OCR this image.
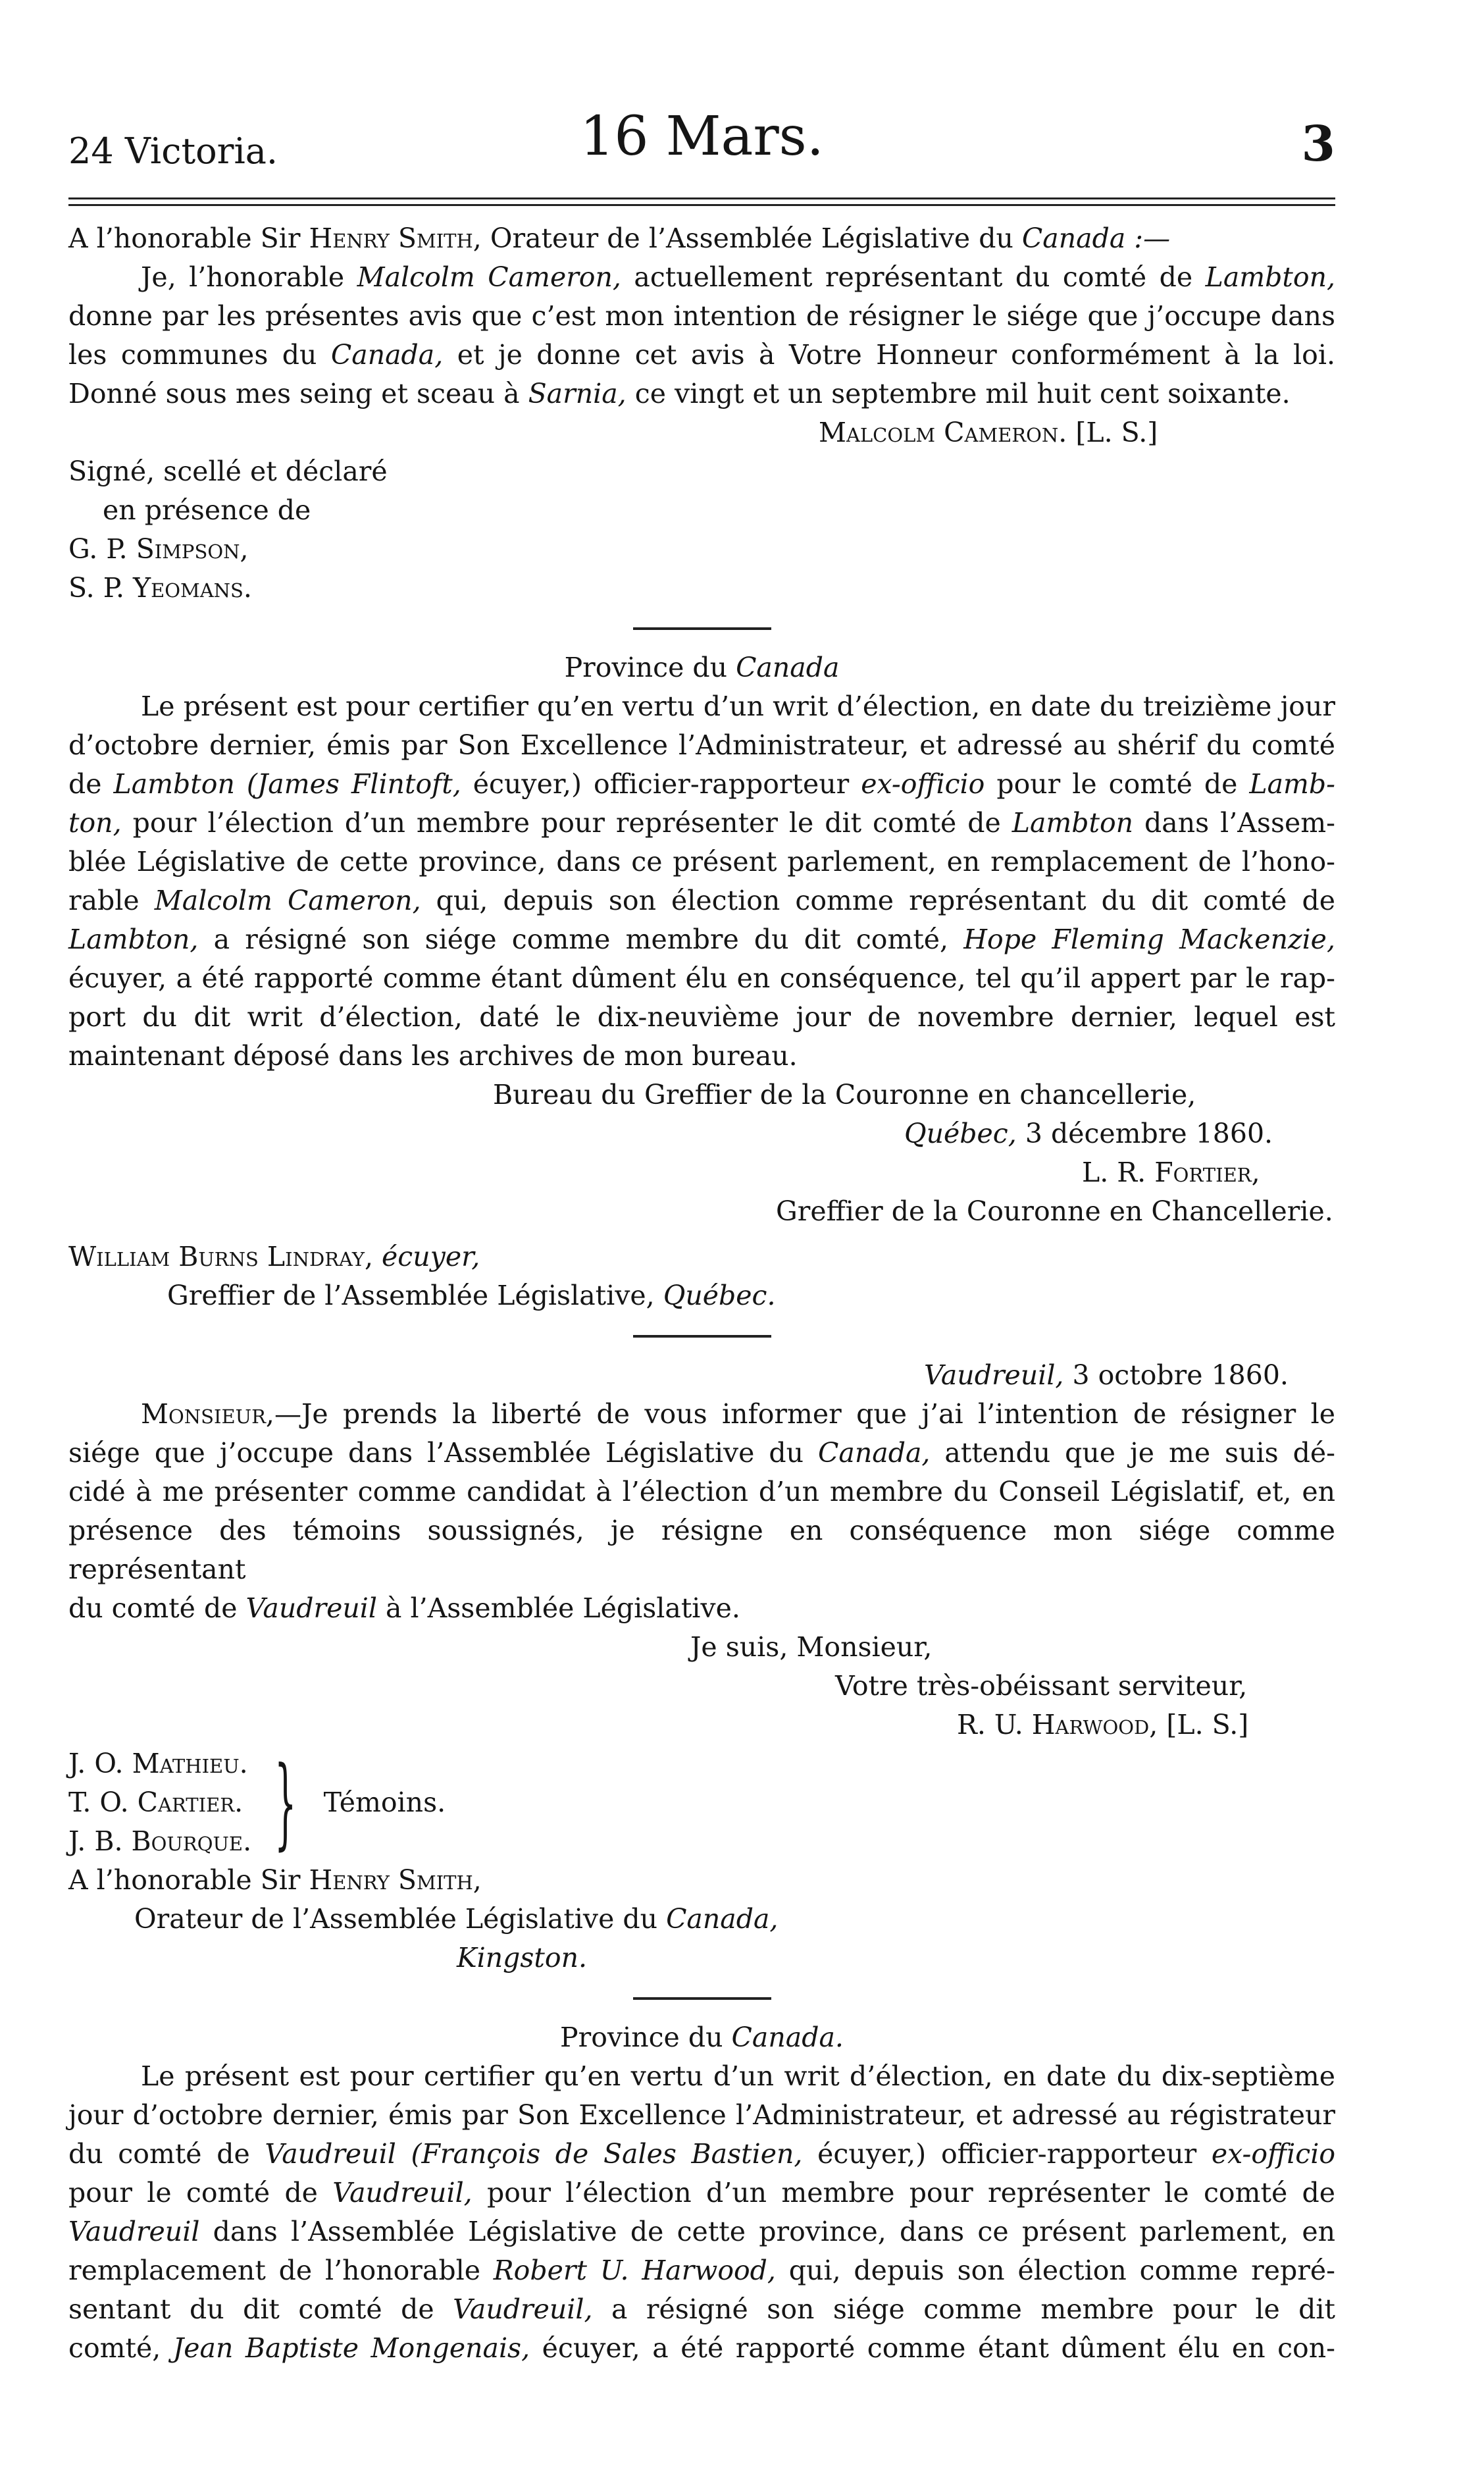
24 Victoria.	16 Mars.	3

A l’honorable Sir Henry Smith, Orateur de l’Assemblée Législative du Canada :—

Je, l’honorable Malcolm Cameron, actuellement représentant du comté de Lambton,

donne par les présentes avis que c’est mon intention de résigner le siége que j’occupe dans

les communes du Canada, et je donne cet avis à Votre Honneur conformément à la loi.

Donné sous mes seing et sceau à Sarnia, ce vingt et un septembre mil huit cent soixante.

Malcolm Cameron. [L. S.]

Signé, scellé et déclaré

en présence de

G. P. Simpson,

S. P. Yeomans.

Province du Canada

Le présent est pour certifier qu’en vertu d’un writ d’élection, en date du treizième jour

d’octobre dernier, émis par Son Excellence l’Administrateur, et adressé au shérif du comté

de Lambton (James Flintoft, écuyer,) officier-rapporteur ex-officio pour le comté de Lamb-

ton, pour l’élection d’un membre pour représenter le dit comté de Lambton dans l’Assem-

blée Législative de cette province, dans ce présent parlement, en remplacement de l’hono-

rable Malcolm Cameron, qui, depuis son élection comme représentant du dit comté de

Lambton, a résigné son siége comme membre du dit comté, Hope Fleming Mackenzie,

écuyer, a été rapporté comme étant dûment élu en conséquence, tel qu’il appert par le rap-

port du dit writ d’élection, daté le dix-neuvième jour de novembre dernier, lequel est

maintenant déposé dans les archives de mon bureau.

Bureau du Greffier de la Couronne en chancellerie,

Québec, 3 décembre 1860.

L. R. Fortier,

Greffier de la Couronne en Chancellerie.

William Burns Lindray, écuyer,

Greffier de l’Assemblée Législative, Québec.

Vaudreuil, 3 octobre 1860.

Monsieur,—Je prends la liberté de vous informer que j’ai l’intention de résigner le

siége que j’occupe dans l’Assemblée Législative du Canada, attendu que je me suis dé-

cidé à me présenter comme candidat à l’élection d’un membre du Conseil Législatif, et, en

présence des témoins soussignés, je résigne en conséquence mon siége comme représentant

du comté de Vaudreuil à l’Assemblée Législative.

Je suis, Monsieur,

Votre très-obéissant serviteur,

R. U. Harwood, [L. S.]

J. O. Mathieu.

T. O. Cartier.

J. B. Bourque. } Témoins.

A l’honorable Sir Henry Smith,

Orateur de l’Assemblée Législative du Canada,

Kingston.

Province du Canada.

Le présent est pour certifier qu’en vertu d’un writ d’élection, en date du dix-septième

jour d’octobre dernier, émis par Son Excellence l’Administrateur, et adressé au régistrateur

du comté de Vaudreuil (François de Sales Bastien, écuyer,) officier-rapporteur ex-officio

pour le comté de Vaudreuil, pour l’élection d’un membre pour représenter le comté de

Vaudreuil dans l’Assemblée Législative de cette province, dans ce présent parlement, en

remplacement de l’honorable Robert U. Harwood, qui, depuis son élection comme repré-

sentant du dit comté de Vaudreuil, a résigné son siége comme membre pour le dit

comté, Jean Baptiste Mongenais, écuyer, a été rapporté comme étant dûment élu en con-
